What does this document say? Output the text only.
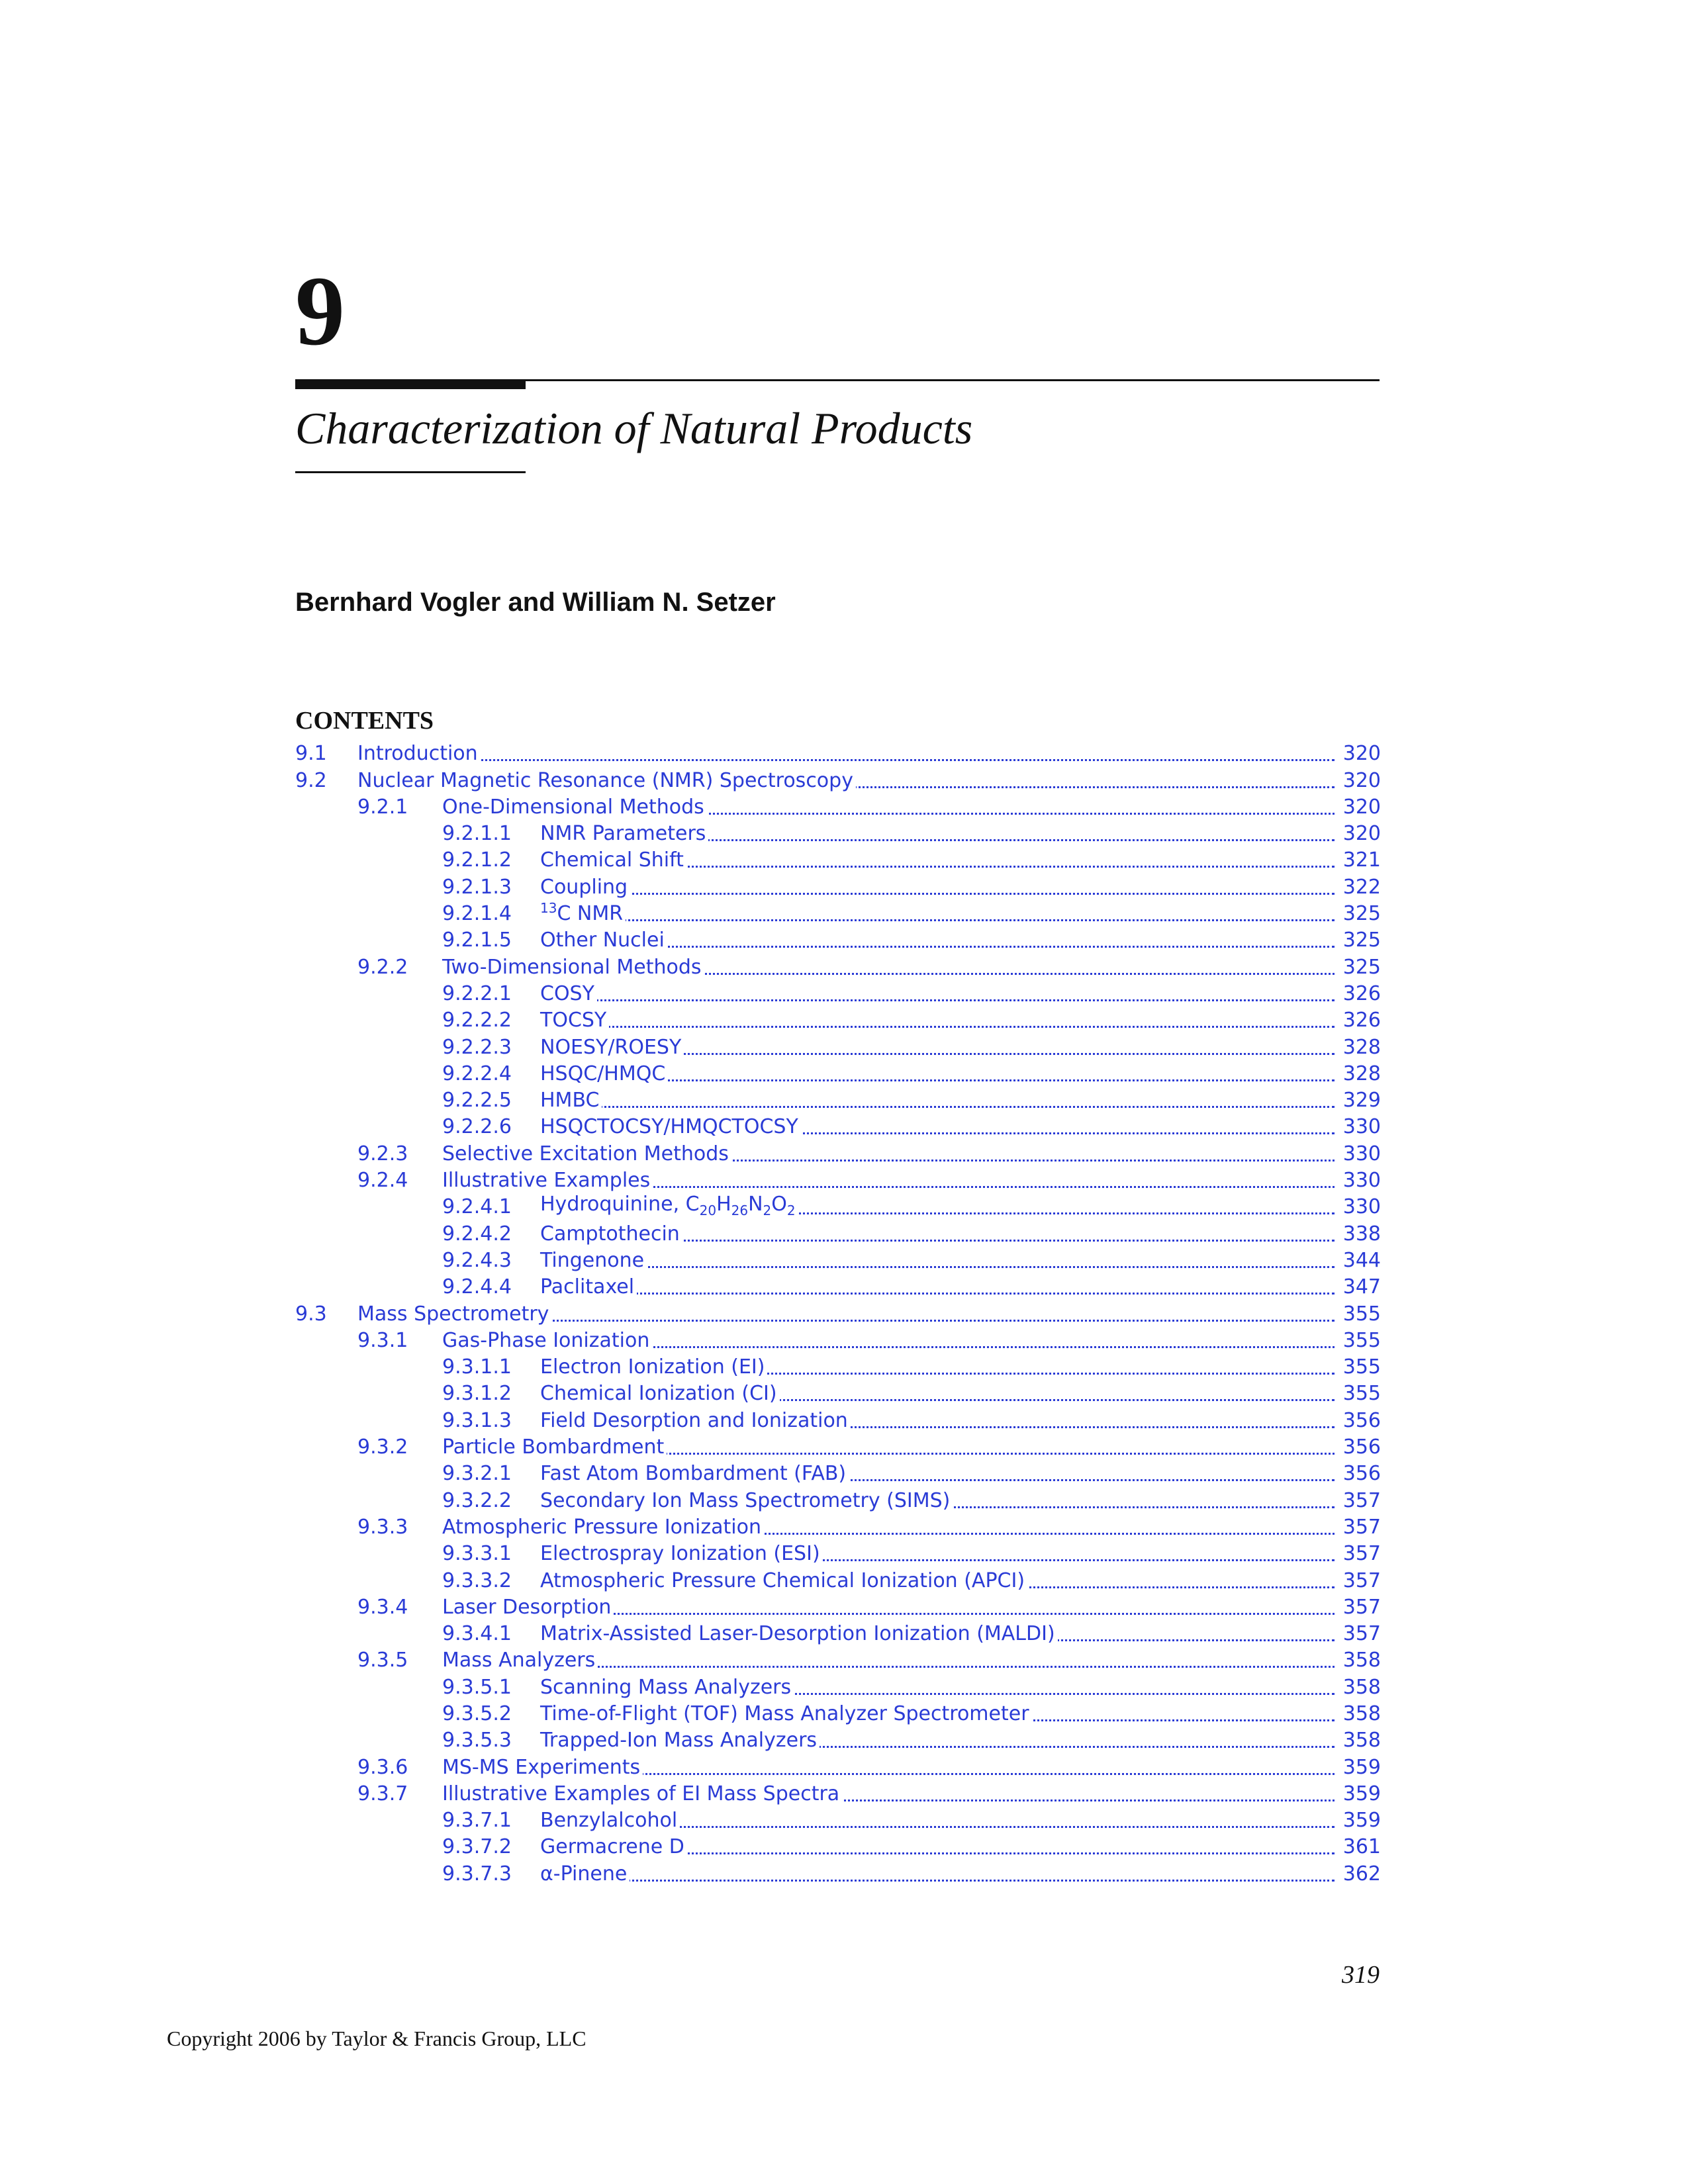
9
Characterization of Natural Products
Bernhard Vogler and William N. Setzer
CONTENTS
9.1 Introduction	320
9.2 Nuclear Magnetic Resonance (NMR) Spectroscopy	320
9.2.1 One-Dimensional Methods	320
9.2.1.1 NMR Parameters	320
9.2.1.2 Chemical Shift	321
9.2.1.3 Coupling	322
9.2.1.4 $^{13}$C NMR	325
9.2.1.5 Other Nuclei	325
9.2.2 Two-Dimensional Methods	325
9.2.2.1 COSY	326
9.2.2.2 TOCSY	326
9.2.2.3 NOESY/ROESY	328
9.2.2.4 HSQC/HMQC	328
9.2.2.5 HMBC	329
9.2.2.6 HSQCTOCSY/HMQCTOCSY	330
9.2.3 Selective Excitation Methods	330
9.2.4 Illustrative Examples	330
9.2.4.1 Hydroquinine, $C_{20}H_{26}N_2O_2$	330
9.2.4.2 Camptothecin	338
9.2.4.3 Tingenone	344
9.2.4.4 Paclitaxel	347
9.3 Mass Spectrometry	355
9.3.1 Gas-Phase Ionization	355
9.3.1.1 Electron Ionization (EI)	355
9.3.1.2 Chemical Ionization (CI)	355
9.3.1.3 Field Desorption and Ionization	356
9.3.2 Particle Bombardment	356
9.3.2.1 Fast Atom Bombardment (FAB)	356
9.3.2.2 Secondary Ion Mass Spectrometry (SIMS)	357
9.3.3 Atmospheric Pressure Ionization	357
9.3.3.1 Electrospray Ionization (ESI)	357
9.3.3.2 Atmospheric Pressure Chemical Ionization (APCI)	357
9.3.4 Laser Desorption	357
9.3.4.1 Matrix-Assisted Laser-Desorption Ionization (MALDI)	357
9.3.5 Mass Analyzers	358
9.3.5.1 Scanning Mass Analyzers	358
9.3.5.2 Time-of-Flight (TOF) Mass Analyzer Spectrometer	358
9.3.5.3 Trapped-Ion Mass Analyzers	358
9.3.6 MS-MS Experiments	359
9.3.7 Illustrative Examples of EI Mass Spectra	359
9.3.7.1 Benzylalcohol	359
9.3.7.2 Germacrene D	361
9.3.7.3 α-Pinene	362
319
Copyright 2006 by Taylor & Francis Group, LLC
